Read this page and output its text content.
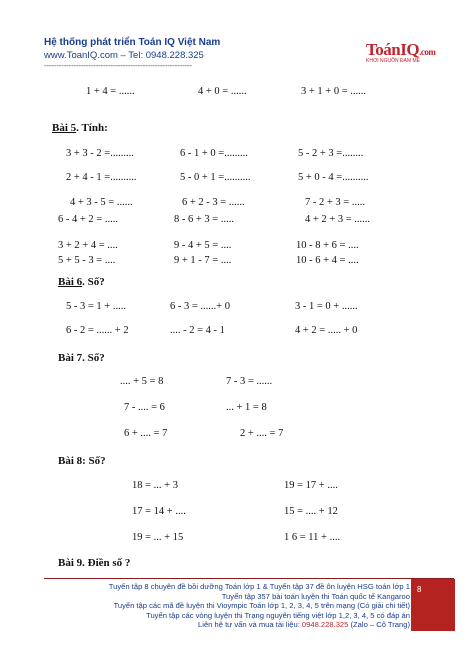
Hệ thống phát triển Toán IQ Việt Nam
www.ToanIQ.com – Tel: 0948.228.325
------------------------------------------------------------
ToánIQ.com
KHƠI NGUỒN ĐAM MÊ
1 + 4 = ......	4 + 0 = ......	3 + 1 + 0 = ......
Bài 5. Tính:
3 + 3 - 2 =.........	6 - 1 + 0 =.........	5 - 2 + 3 =........
2 + 4 - 1 =..........	5 - 0 + 1 =..........	5 + 0 - 4 =..........
4 + 3 - 5 = ......	6 + 2 - 3 = ......	7 - 2 + 3 = .....
6 - 4 + 2 = .....	8 - 6 + 3 = .....	4 + 2 + 3 = ......
3 + 2 + 4 = ....	9 - 4 + 5 = ....	10 - 8 + 6 = ....
5 + 5 - 3 = ....	9 + 1 - 7 = ....	10 - 6 + 4 = ....
Bài 6. Số?
5 - 3 = 1 + .....	6 - 3 = ......+ 0	3 - 1 = 0 + ......
6 - 2 = ...... + 2	.... - 2 = 4 - 1	4 + 2 = ..... + 0
Bài 7. Số?
.... + 5 = 8	7 - 3 = ......
7 - .... = 6	... + 1 = 8
6 + .... = 7	2 + .... = 7
Bài 8: Số?
18 = ... + 3	19 = 17 + ....
17 = 14 + ....	15 = .... + 12
19 = ... + 15	1 6 = 11 + ....
Bài 9. Điền số ?
Tuyển tập 8 chuyên đề bồi dưỡng Toán lớp 1 & Tuyển tập 37 đề ôn luyện HSG toán lớp 1
Tuyển tập 357 bài toán luyện thi Toán quốc tế Kangaroo
Tuyển tập các mã đề luyện thi Vioympic Toán lớp 1, 2, 3, 4, 5 trên mạng (Có giải chi tiết)
Tuyển tập các vòng luyện thi Trạng nguyên tiếng việt lớp 1,2, 3, 4, 5 có đáp án
Liên hệ tư vấn và mua tài liệu: 0948.228.325 (Zalo – Cô Trang)
8
